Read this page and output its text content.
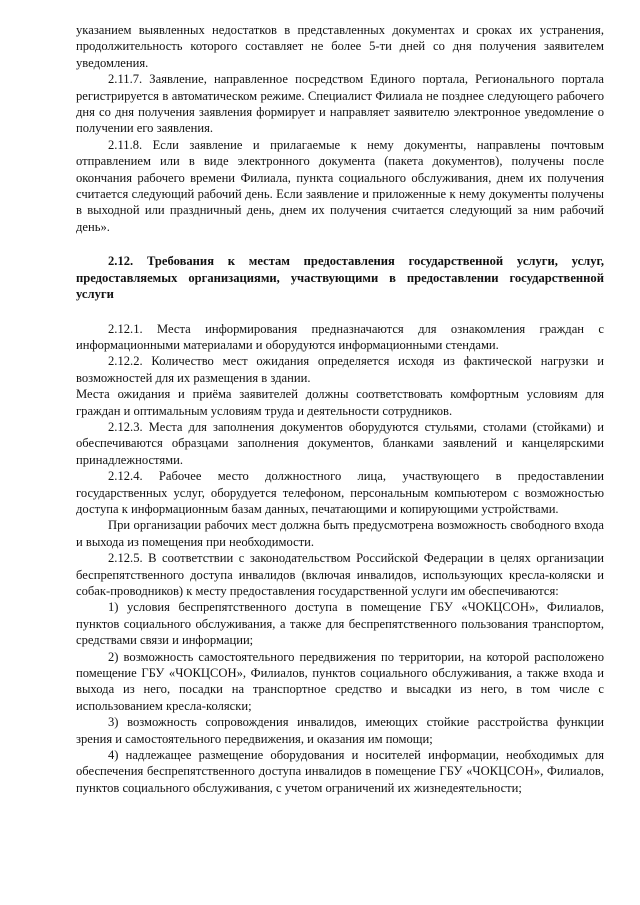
указанием выявленных недостатков в представленных документах и сроках их устранения, продолжительность которого составляет не более 5-ти дней со дня получения заявителем уведомления.

2.11.7. Заявление, направленное посредством Единого портала, Регионального портала регистрируется в автоматическом режиме. Специалист Филиала не позднее следующего рабочего дня со дня получения заявления формирует и направляет заявителю электронное уведомление о получении его заявления.

2.11.8. Если заявление и прилагаемые к нему документы, направлены почтовым отправлением или в виде электронного документа (пакета документов), получены после окончания рабочего времени Филиала, пункта социального обслуживания, днем их получения считается следующий рабочий день. Если заявление и приложенные к нему документы получены в выходной или праздничный день, днем их получения считается следующий за ним рабочий день».

2.12. Требования к местам предоставления государственной услуги, услуг, предоставляемых организациями, участвующими в предоставлении государственной услуги

2.12.1. Места информирования предназначаются для ознакомления граждан с информационными материалами и оборудуются информационными стендами.

2.12.2. Количество мест ожидания определяется исходя из фактической нагрузки и возможностей для их размещения в здании.

Места ожидания и приёма заявителей должны соответствовать комфортным условиям для граждан и оптимальным условиям труда и деятельности сотрудников.

2.12.3. Места для заполнения документов оборудуются стульями, столами (стойками) и обеспечиваются образцами заполнения документов, бланками заявлений и канцелярскими принадлежностями.

2.12.4. Рабочее место должностного лица, участвующего в предоставлении государственных услуг, оборудуется телефоном, персональным компьютером с возможностью доступа к информационным базам данных, печатающими и копирующими устройствами.

При организации рабочих мест должна быть предусмотрена возможность свободного входа и выхода из помещения при необходимости.

2.12.5. В соответствии с законодательством Российской Федерации в целях организации беспрепятственного доступа инвалидов (включая инвалидов, использующих кресла-коляски и собак-проводников) к месту предоставления государственной услуги им обеспечиваются:

1) условия беспрепятственного доступа в помещение ГБУ «ЧОКЦСОН», Филиалов, пунктов социального обслуживания, а также для беспрепятственного пользования транспортом, средствами связи и информации;

2) возможность самостоятельного передвижения по территории, на которой расположено помещение ГБУ «ЧОКЦСОН», Филиалов, пунктов социального обслуживания, а также входа и выхода из него, посадки на транспортное средство и высадки из него, в том числе с использованием кресла-коляски;

3) возможность сопровождения инвалидов, имеющих стойкие расстройства функции зрения и самостоятельного передвижения, и оказания им помощи;

4) надлежащее размещение оборудования и носителей информации, необходимых для обеспечения беспрепятственного доступа инвалидов в помещение ГБУ «ЧОКЦСОН», Филиалов, пунктов социального обслуживания, с учетом ограничений их жизнедеятельности;
